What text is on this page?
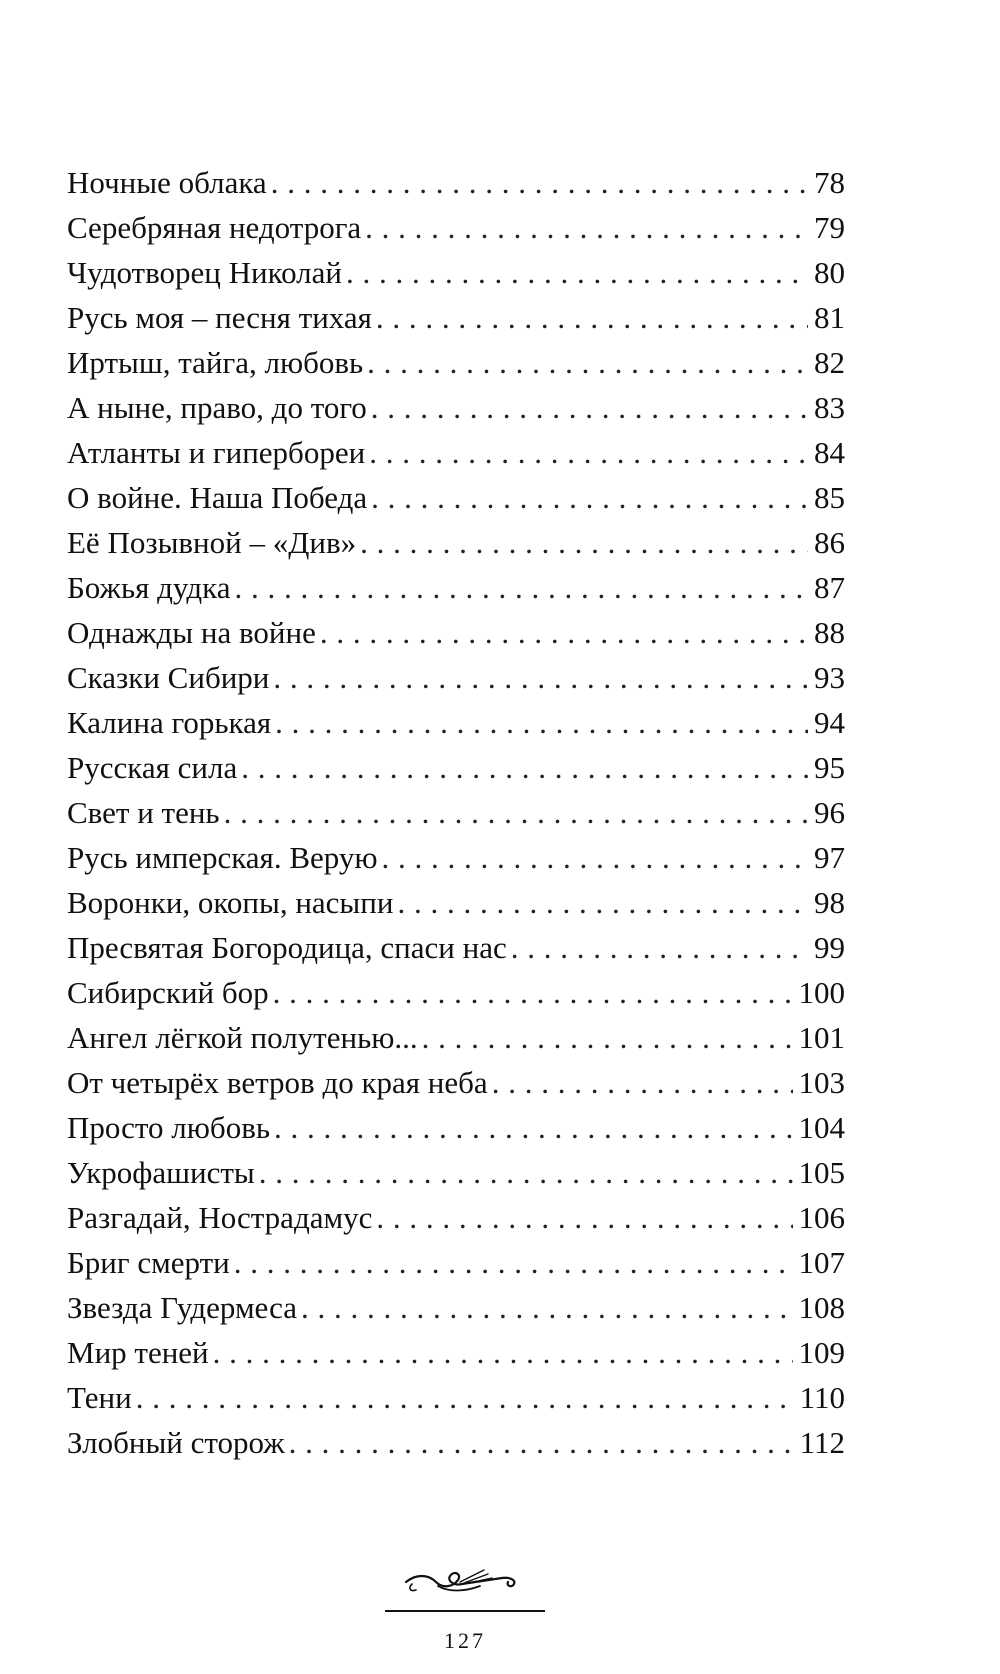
Ночные облака . . .	78
Серебряная недотрога . . .	79
Чудотворец Николай . . .	80
Русь моя – песня тихая . . .	81
Иртыш, тайга, любовь . . .	82
А ныне, право, до того . . .	83
Атланты и гипербореи . . .	84
О войне. Наша Победа . . .	85
Её Позывной – «Див» . . .	86
Божья дудка . . .	87
Однажды на войне . . .	88
Сказки Сибири . . .	93
Калина горькая . . .	94
Русская сила . . .	95
Свет и тень . . .	96
Русь имперская. Верую . . .	97
Воронки, окопы, насыпи . . .	98
Пресвятая Богородица, спаси нас . . .	99
Сибирский бор . . .	100
Ангел лёгкой полутенью... . . .	101
От четырёх ветров до края неба . . .	103
Просто любовь . . .	104
Укрофашисты . . .	105
Разгадай, Нострадамус . . .	106
Бриг смерти . . .	107
Звезда Гудермеса . . .	108
Мир теней . . .	109
Тени . . .	110
Злобный сторож . . .	112
127
